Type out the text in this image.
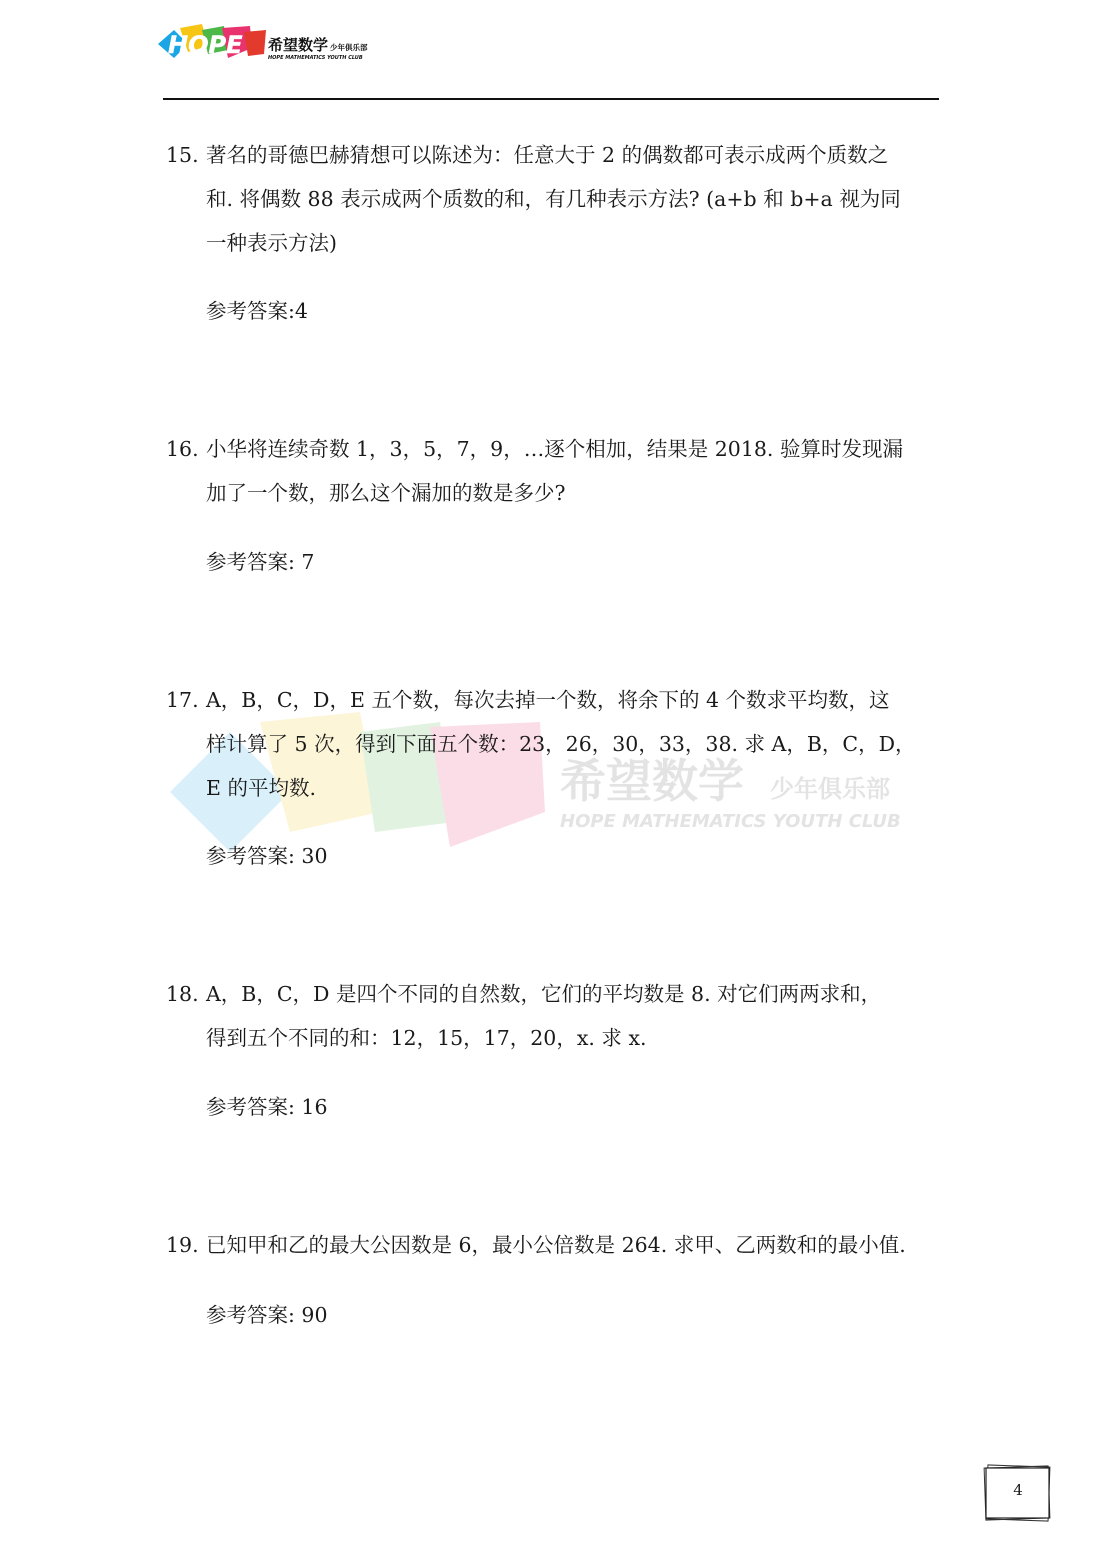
HOPE 希望数学 少年俱乐部
HOPE MATHEMATICS YOUTH CLUB
希望数学 少年俱乐部
HOPE MATHEMATICS YOUTH CLUB
15. 著名的哥德巴赫猜想可以陈述为：任意大于 2 的偶数都可表示成两个质数之
和. 将偶数 88 表示成两个质数的和，有几种表示方法? (a+b 和 b+a 视为同
一种表示方法)
参考答案:4
16. 小华将连续奇数 1，3，5，7，9，…逐个相加，结果是 2018. 验算时发现漏
加了一个数，那么这个漏加的数是多少?
参考答案: 7
17. A，B，C，D，E 五个数，每次去掉一个数，将余下的 4 个数求平均数，这
样计算了 5 次，得到下面五个数：23，26，30，33，38. 求 A，B，C，D，
E 的平均数.
参考答案: 30
18. A，B，C，D 是四个不同的自然数，它们的平均数是 8. 对它们两两求和，
得到五个不同的和：12，15，17，20，x. 求 x.
参考答案: 16
19. 已知甲和乙的最大公因数是 6，最小公倍数是 264. 求甲、乙两数和的最小值.
参考答案: 90
4
